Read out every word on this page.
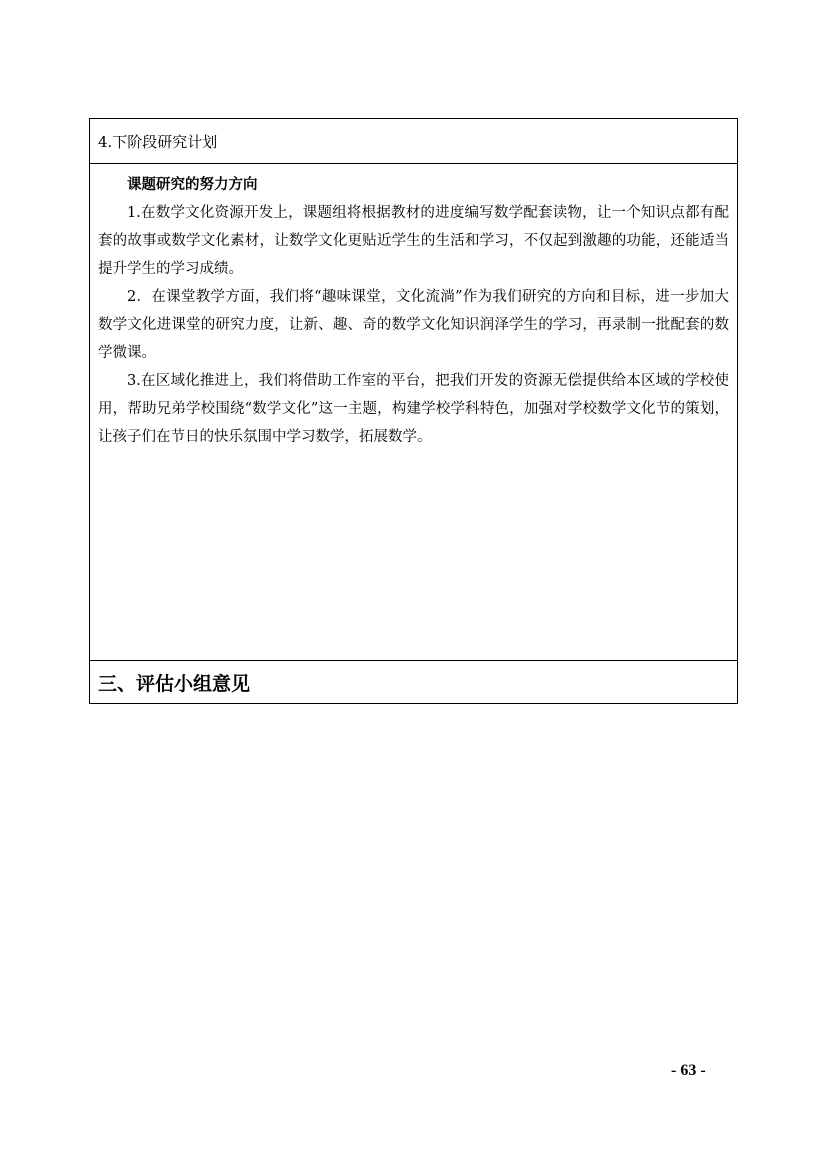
4.下阶段研究计划
课题研究的努力方向

1.在数学文化资源开发上，课题组将根据教材的进度编写数学配套读物，让一个知识点都有配套的故事或数学文化素材，让数学文化更贴近学生的生活和学习，不仅起到激趣的功能，还能适当提升学生的学习成绩。

2．在课堂教学方面，我们将“趣味课堂，文化流淌”作为我们研究的方向和目标，进一步加大数学文化进课堂的研究力度，让新、趣、奇的数学文化知识润泽学生的学习，再录制一批配套的数学微课。

3.在区域化推进上，我们将借助工作室的平台，把我们开发的资源无偿提供给本区域的学校使用，帮助兄弟学校围绕“数学文化”这一主题，构建学校学科特色，加强对学校数学文化节的策划，让孩子们在节日的快乐氛围中学习数学，拓展数学。

三、评估小组意见
- 63 -
